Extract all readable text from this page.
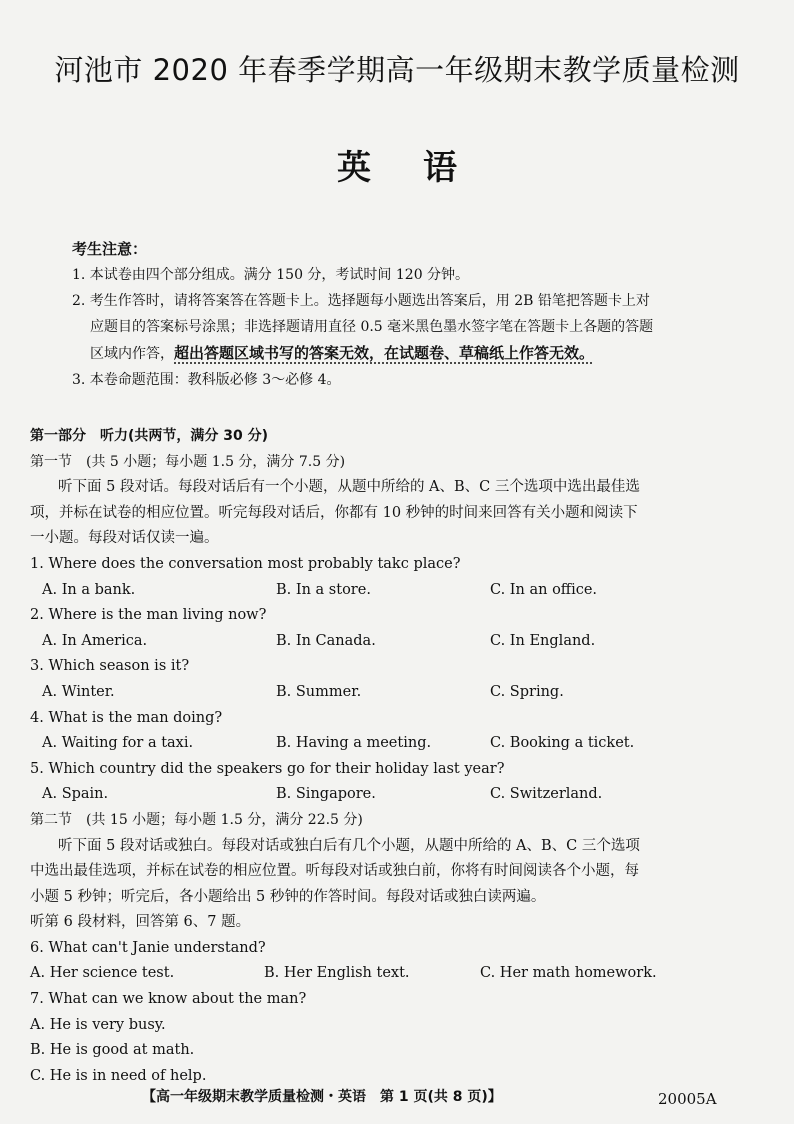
河池市 2020 年春季学期高一年级期末教学质量检测
英语
考生注意：
1. 本试卷由四个部分组成。满分 150 分，考试时间 120 分钟。
2. 考生作答时，请将答案答在答题卡上。选择题每小题选出答案后，用 2B 铅笔把答题卡上对
应题目的答案标号涂黑；非选择题请用直径 0.5 毫米黑色墨水签字笔在答题卡上各题的答题
区域内作答，超出答题区域书写的答案无效，在试题卷、草稿纸上作答无效。
3. 本卷命题范围：教科版必修 3～必修 4。
第一部分　听力(共两节，满分 30 分)
第一节　(共 5 小题；每小题 1.5 分，满分 7.5 分)
听下面 5 段对话。每段对话后有一个小题，从题中所给的 A、B、C 三个选项中选出最佳选
项，并标在试卷的相应位置。听完每段对话后，你都有 10 秒钟的时间来回答有关小题和阅读下
一小题。每段对话仅读一遍。
1. Where does the conversation most probably takc place?
A. In a bank.	B. In a store.	C. In an office.
2. Where is the man living now?
A. In America.	B. In Canada.	C. In England.
3. Which season is it?
A. Winter.	B. Summer.	C. Spring.
4. What is the man doing?
A. Waiting for a taxi.	B. Having a meeting.	C. Booking a ticket.
5. Which country did the speakers go for their holiday last year?
A. Spain.	B. Singapore.	C. Switzerland.
第二节　(共 15 小题；每小题 1.5 分，满分 22.5 分)
听下面 5 段对话或独白。每段对话或独白后有几个小题，从题中所给的 A、B、C 三个选项
中选出最佳选项，并标在试卷的相应位置。听每段对话或独白前，你将有时间阅读各个小题，每
小题 5 秒钟；听完后，各小题给出 5 秒钟的作答时间。每段对话或独白读两遍。
听第 6 段材料，回答第 6、7 题。
6. What can't Janie understand?
A. Her science test.	B. Her English text.	C. Her math homework.
7. What can we know about the man?
A. He is very busy.
B. He is good at math.
C. He is in need of help.
【高一年级期末教学质量检测・英语　第 1 页(共 8 页)】	20005A
